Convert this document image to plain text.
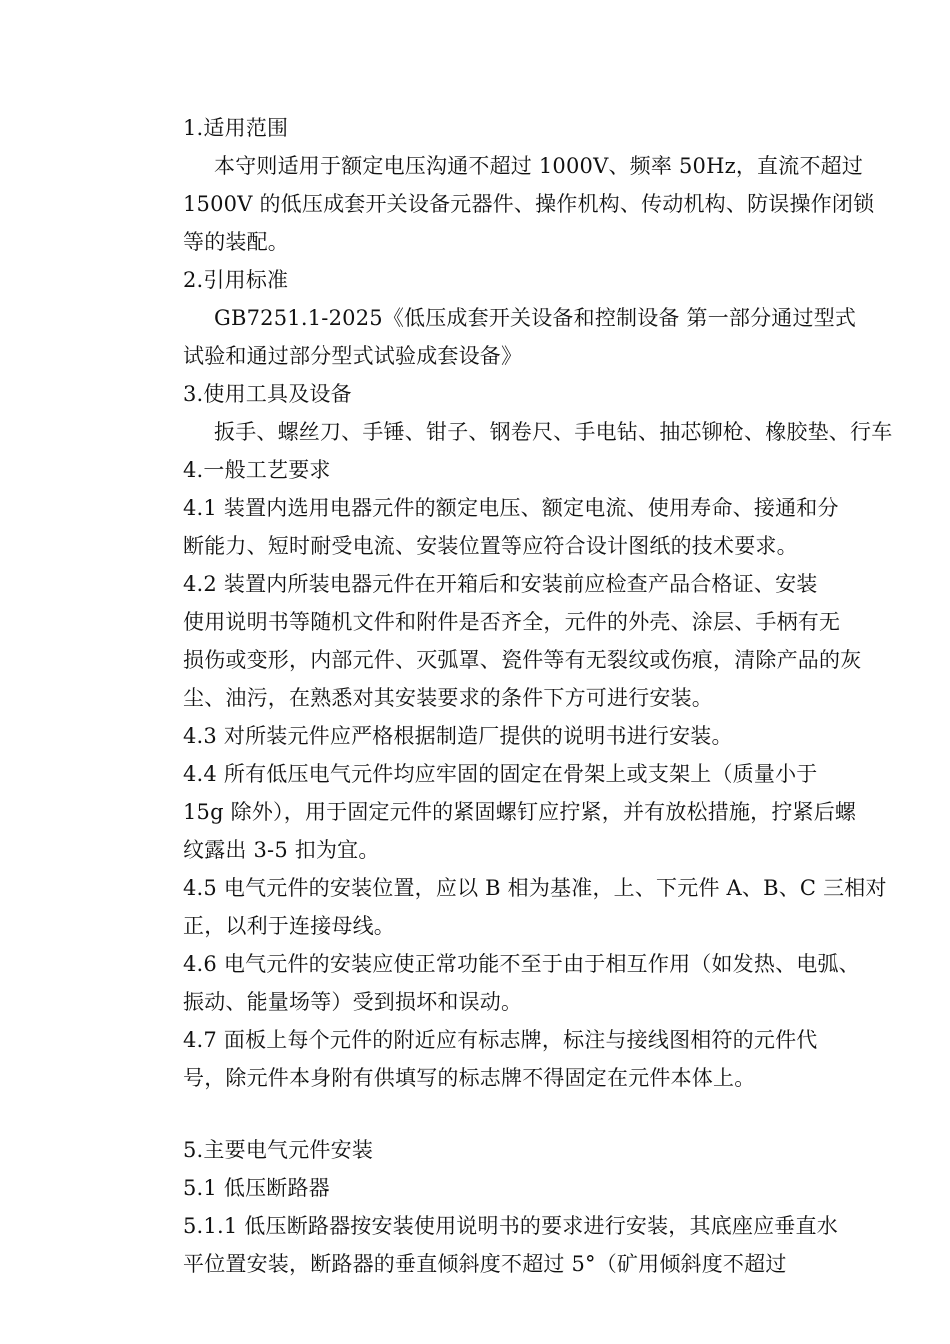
1.适用范围
本守则适用于额定电压沟通不超过 1000V、频率 50Hz，直流不超过
1500V 的低压成套开关设备元器件、操作机构、传动机构、防误操作闭锁
等的装配。
2.引用标准
GB7251.1-2025《低压成套开关设备和控制设备 第一部分通过型式
试验和通过部分型式试验成套设备》
3.使用工具及设备
扳手、螺丝刀、手锤、钳子、钢卷尺、手电钻、抽芯铆枪、橡胶垫、行车
4.一般工艺要求
4.1 装置内选用电器元件的额定电压、额定电流、使用寿命、接通和分
断能力、短时耐受电流、安装位置等应符合设计图纸的技术要求。
4.2 装置内所装电器元件在开箱后和安装前应检查产品合格证、安装
使用说明书等随机文件和附件是否齐全，元件的外壳、涂层、手柄有无
损伤或变形，内部元件、灭弧罩、瓷件等有无裂纹或伤痕，清除产品的灰
尘、油污，在熟悉对其安装要求的条件下方可进行安装。
4.3 对所装元件应严格根据制造厂提供的说明书进行安装。
4.4 所有低压电气元件均应牢固的固定在骨架上或支架上（质量小于
15g 除外），用于固定元件的紧固螺钉应拧紧，并有放松措施，拧紧后螺
纹露出 3-5 扣为宜。
4.5 电气元件的安装位置，应以 B 相为基准，上、下元件 A、B、C 三相对
正，以利于连接母线。
4.6 电气元件的安装应使正常功能不至于由于相互作用（如发热、电弧、
振动、能量场等）受到损坏和误动。
4.7 面板上每个元件的附近应有标志牌，标注与接线图相符的元件代
号，除元件本身附有供填写的标志牌不得固定在元件本体上。
5.主要电气元件安装
5.1 低压断路器
5.1.1 低压断路器按安装使用说明书的要求进行安装，其底座应垂直水
平位置安装，断路器的垂直倾斜度不超过 5°（矿用倾斜度不超过
